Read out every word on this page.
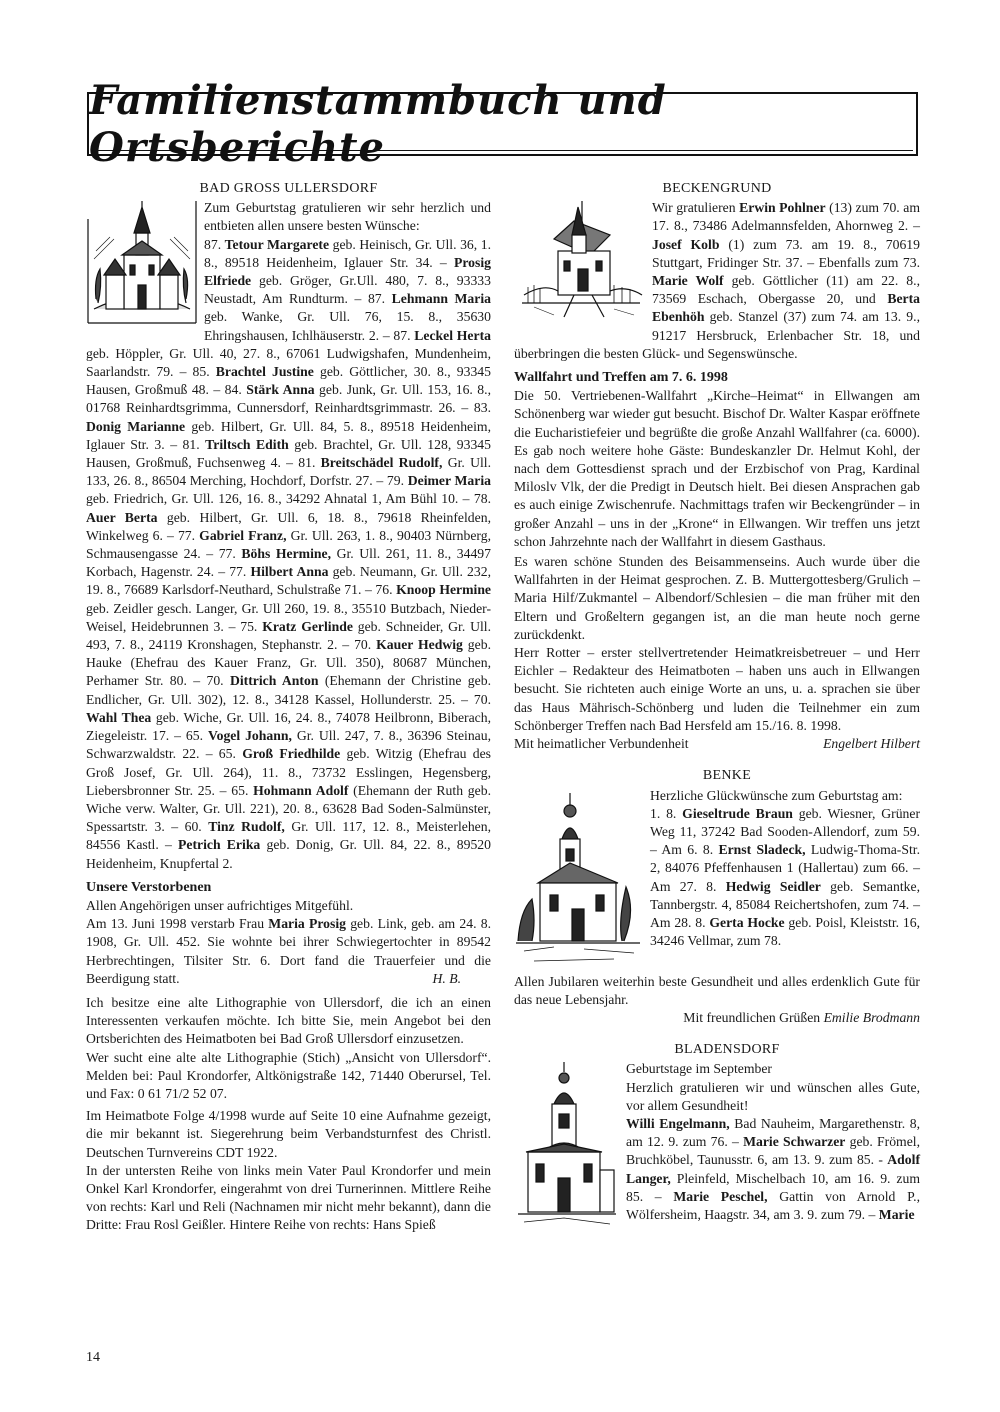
Familienstammbuch und Ortsberichte
BAD GROSS ULLERSDORF

Zum Geburtstag gratulieren wir sehr herzlich und entbieten allen unsere besten Wünsche:

87. Tetour Margarete geb. Heinisch, Gr. Ull. 36, 1. 8., 89518 Heidenheim, Iglauer Str. 34. – Prosig Elfriede geb. Gröger, Gr.Ull. 480, 7. 8., 93333 Neustadt, Am Rundturm. – 87. Lehmann Maria geb. Wanke, Gr. Ull. 76, 15. 8., 35630 Ehringshausen, Ichlhäuserstr. 2. – 87. Leckel Herta geb. Höppler, Gr. Ull. 40, 27. 8., 67061 Ludwigshafen, Mundenheim, Saarlandstr. 79. – 85. Brachtel Justine geb. Göttlicher, 30. 8., 93345 Hausen, Großmuß 48. – 84. Stärk Anna geb. Junk, Gr. Ull. 153, 16. 8., 01768 Reinhardtsgrimma, Cunnersdorf, Reinhardtsgrimmastr. 26. – 83. Donig Marianne geb. Hilbert, Gr. Ull. 84, 5. 8., 89518 Heidenheim, Iglauer Str. 3. – 81. Triltsch Edith geb. Brachtel, Gr. Ull. 128, 93345 Hausen, Großmuß, Fuchsenweg 4. – 81. Breitschädel Rudolf, Gr. Ull. 133, 26. 8., 86504 Merching, Hochdorf, Dorfstr. 27. – 79. Deimer Maria geb. Friedrich, Gr. Ull. 126, 16. 8., 34292 Ahnatal 1, Am Bühl 10. – 78. Auer Berta geb. Hilbert, Gr. Ull. 6, 18. 8., 79618 Rheinfelden, Winkelweg 6. – 77. Gabriel Franz, Gr. Ull. 263, 1. 8., 90403 Nürnberg, Schmausengasse 24. – 77. Böhs Hermine, Gr. Ull. 261, 11. 8., 34497 Korbach, Hagenstr. 24. – 77. Hilbert Anna geb. Neumann, Gr. Ull. 232, 19. 8., 76689 Karlsdorf-Neuthard, Schulstraße 71. – 76. Knoop Hermine geb. Zeidler gesch. Langer, Gr. Ull 260, 19. 8., 35510 Butzbach, Nieder-Weisel, Heidebrunnen 3. – 75. Kratz Gerlinde geb. Schneider, Gr. Ull. 493, 7. 8., 24119 Kronshagen, Stephanstr. 2. – 70. Kauer Hedwig geb. Hauke (Ehefrau des Kauer Franz, Gr. Ull. 350), 80687 München, Perhamer Str. 80. – 70. Dittrich Anton (Ehemann der Christine geb. Endlicher, Gr. Ull. 302), 12. 8., 34128 Kassel, Hollunderstr. 25. – 70. Wahl Thea geb. Wiche, Gr. Ull. 16, 24. 8., 74078 Heilbronn, Biberach, Ziegeleistr. 17. – 65. Vogel Johann, Gr. Ull. 247, 7. 8., 36396 Steinau, Schwarzwaldstr. 22. – 65. Groß Friedhilde geb. Witzig (Ehefrau des Groß Josef, Gr. Ull. 264), 11. 8., 73732 Esslingen, Hegensberg, Liebersbronner Str. 25. – 65. Hohmann Adolf (Ehemann der Ruth geb. Wiche verw. Walter, Gr. Ull. 221), 20. 8., 63628 Bad Soden-Salmünster, Spessartstr. 3. – 60. Tinz Rudolf, Gr. Ull. 117, 12. 8., Meisterlehen, 84556 Kastl. – Petrich Erika geb. Donig, Gr. Ull. 84, 22. 8., 89520 Heidenheim, Knupfertal 2.

Unsere Verstorbenen

Allen Angehörigen unser aufrichtiges Mitgefühl.

Am 13. Juni 1998 verstarb Frau Maria Prosig geb. Link, geb. am 24. 8. 1908, Gr. Ull. 452. Sie wohnte bei ihrer Schwiegertochter in 89542 Herbrechtingen, Tilsiter Str. 6. Dort fand die Trauerfeier und die Beerdigung statt.	H. B.

Ich besitze eine alte Lithographie von Ullersdorf, die ich an einen Interessenten verkaufen möchte. Ich bitte Sie, mein Angebot bei den Ortsberichten des Heimatboten bei Bad Groß Ullersdorf einzusetzen.

Wer sucht eine alte alte Lithographie (Stich) „Ansicht von Ullersdorf“. Melden bei: Paul Krondorfer, Altkönigstraße 142, 71440 Oberursel, Tel. und Fax: 0 61 71/2 52 07.

Im Heimatbote Folge 4/1998 wurde auf Seite 10 eine Aufnahme gezeigt, die mir bekannt ist. Siegerehrung beim Verbandsturnfest des Christl. Deutschen Turnvereins CDT 1922.

In der untersten Reihe von links mein Vater Paul Krondorfer und mein Onkel Karl Krondorfer, eingerahmt von drei Turnerinnen. Mittlere Reihe von rechts: Karl und Reli (Nachnamen mir nicht mehr bekannt), dann die Dritte: Frau Rosl Geißler. Hintere Reihe von rechts: Hans Spieß

BECKENGRUND

Wir gratulieren Erwin Pohlner (13) zum 70. am 17. 8., 73486 Adelmannsfelden, Ahornweg 2. – Josef Kolb (1) zum 73. am 19. 8., 70619 Stuttgart, Fridinger Str. 37. – Ebenfalls zum 73. Marie Wolf geb. Göttlicher (11) am 22. 8., 73569 Eschach, Obergasse 20, und Berta Ebenhöh geb. Stanzel (37) zum 74. am 13. 9., 91217 Hersbruck, Erlenbacher Str. 18, und überbringen die besten Glück- und Segenswünsche.

Wallfahrt und Treffen am 7. 6. 1998

Die 50. Vertriebenen-Wallfahrt „Kirche–Heimat“ in Ellwangen am Schönenberg war wieder gut besucht. Bischof Dr. Walter Kaspar eröffnete die Eucharistiefeier und begrüßte die große Anzahl Wallfahrer (ca. 6000). Es gab noch weitere hohe Gäste: Bundeskanzler Dr. Helmut Kohl, der nach dem Gottesdienst sprach und der Erzbischof von Prag, Kardinal Miloslv Vlk, der die Predigt in Deutsch hielt. Bei diesen Ansprachen gab es auch einige Zwischenrufe. Nachmittags trafen wir Beckengründer – in großer Anzahl – uns in der „Krone“ in Ellwangen. Wir treffen uns jetzt schon Jahrzehnte nach der Wallfahrt in diesem Gasthaus.

Es waren schöne Stunden des Beisammenseins. Auch wurde über die Wallfahrten in der Heimat gesprochen. Z. B. Muttergottesberg/Grulich – Maria Hilf/Zukmantel – Albendorf/Schlesien – die man früher mit den Eltern und Großeltern gegangen ist, an die man heute noch gerne zurückdenkt.

Herr Rotter – erster stellvertretender Heimatkreisbetreuer – und Herr Eichler – Redakteur des Heimatboten – haben uns auch in Ellwangen besucht. Sie richteten auch einige Worte an uns, u. a. sprachen sie über das Haus Mährisch-Schönberg und luden die Teilnehmer ein zum Schönberger Treffen nach Bad Hersfeld am 15./16. 8. 1998.

Mit heimatlicher Verbundenheit	Engelbert Hilbert
BENKE

Herzliche Glückwünsche zum Geburtstag am:

1. 8. Gieseltrude Braun geb. Wiesner, Grüner Weg 11, 37242 Bad Sooden-Allendorf, zum 59. – Am 6. 8. Ernst Sladeck, Ludwig-Thoma-Str. 2, 84076 Pfeffenhausen 1 (Hallertau) zum 66. – Am 27. 8. Hedwig Seidler geb. Semantke, Tannbergstr. 4, 85084 Reichertshofen, zum 74. – Am 28. 8. Gerta Hocke geb. Poisl, Kleiststr. 16, 34246 Vellmar, zum 78.

Allen Jubilaren weiterhin beste Gesundheit und alles erdenklich Gute für das neue Lebensjahr.

Mit freundlichen Grüßen Emilie Brodmann

BLADENSDORF

Geburtstage im September

Herzlich gratulieren wir und wünschen alles Gute, vor allem Gesundheit!

Willi Engelmann, Bad Nauheim, Margarethenstr. 8, am 12. 9. zum 76. – Marie Schwarzer geb. Frömel, Bruchköbel, Taunusstr. 6, am 13. 9. zum 85. - Adolf Langer, Pleinfeld, Mischelbach 10, am 16. 9. zum 85. – Marie Peschel, Gattin von Arnold P., Wölfersheim, Haagstr. 34, am 3. 9. zum 79. – Marie

14
